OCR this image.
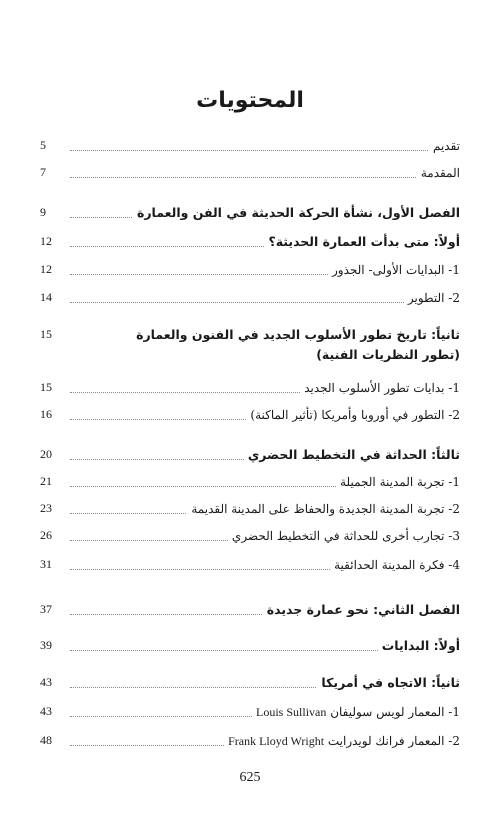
المحتويات
5	تقديم
7	المقدمة
9	الفصل الأول، نشأة الحركة الحديثة في الفن والعمارة
12	أولاً: متى بدأت العمارة الحديثة؟
12	1- البدايات الأولى- الجذور
14	2- التطوير
15	ثانياً: تاريخ تطور الأسلوب الجديد في الفنون والعمارة
(تطور النظريات الفنية)
15	1- بدايات تطور الأسلوب الجديد
16	2- التطور في أوروبا وأمريكا (تأثير الماكنة)
20	ثالثاً: الحداثة في التخطيط الحضري
21	1- تجربة المدينة الجميلة
23	2- تجربة المدينة الجديدة والحفاظ على المدينة القديمة
26	3- تجارب أخرى للحداثة في التخطيط الحضري
31	4- فكرة المدينة الحدائقية
37	الفصل الثاني: نحو عمارة جديدة
39	أولاً: البدايات
43	ثانياً: الاتجاه في أمريكا
43	1- المعمار لويس سوليفان Louis Sullivan
48	2- المعمار فرانك لويدرايت Frank Lloyd Wright
625
